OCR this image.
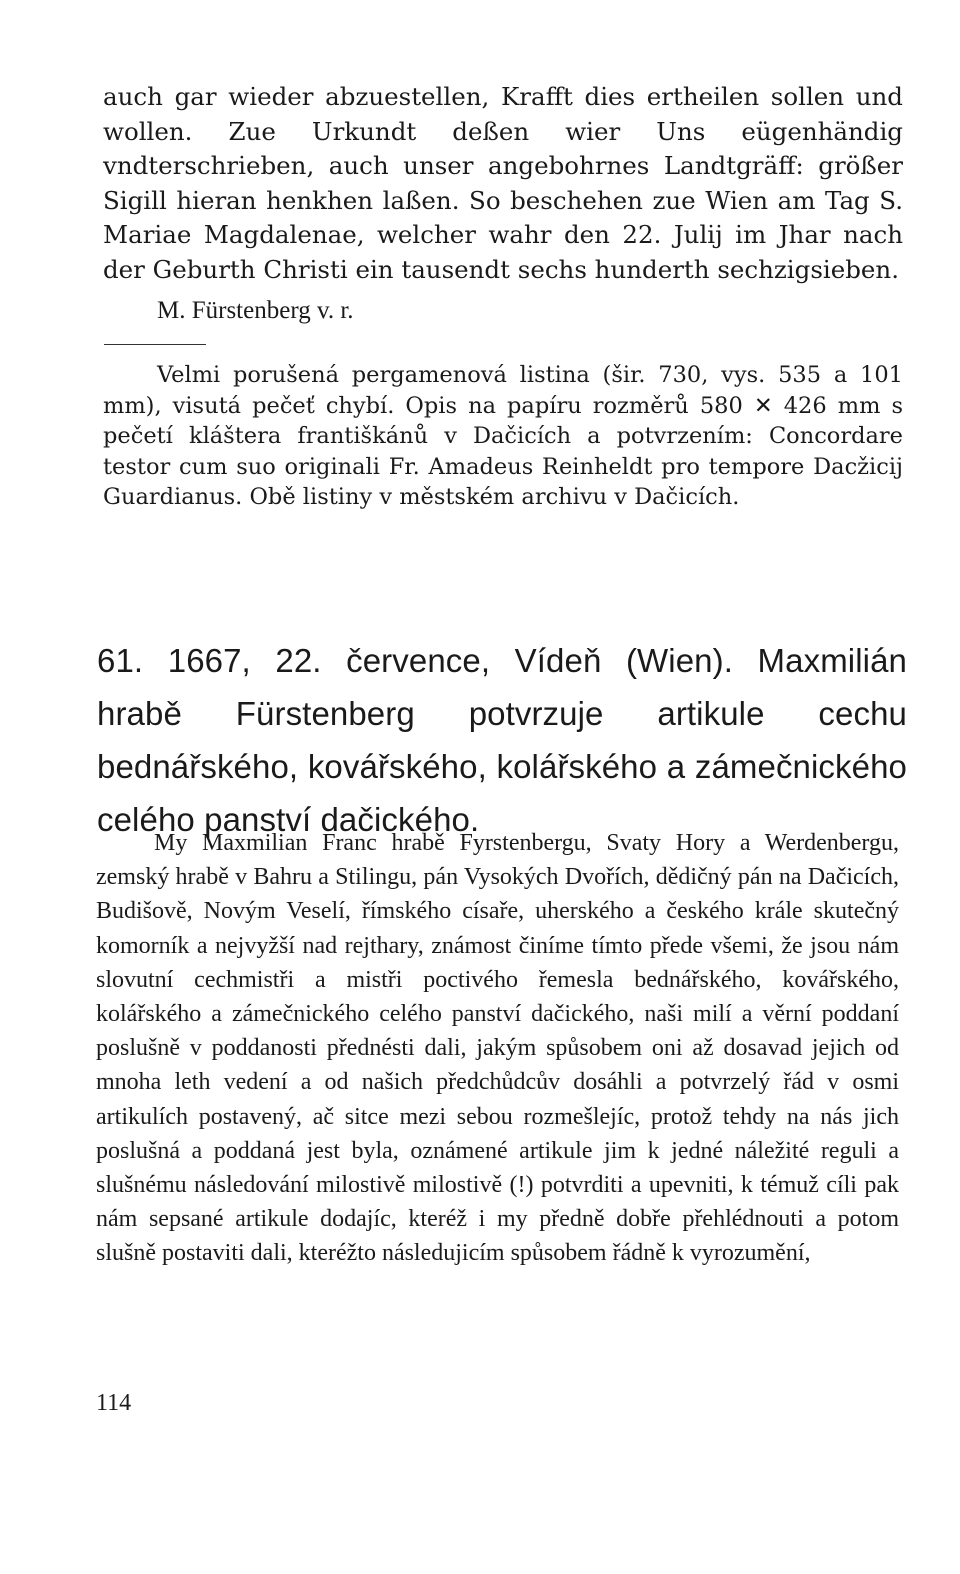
auch gar wieder abzuestellen, Krafft dies ertheilen sollen und wollen. Zue Urkundt deßen wier Uns eügenhändig vndterschrieben, auch unser angebohrnes Landtgräff: größer Sigill hieran henkhen laßen. So beschehen zue Wien am Tag S. Mariae Magdalenae, welcher wahr den 22. Julij im Jhar nach der Geburth Christi ein tausendt sechs hunderth sechzigsieben.
M. Fürstenberg v. r.
Velmi porušená pergamenová listina (šir. 730, vys. 535 a 101 mm), visutá pečeť chybí. Opis na papíru rozměrů 580 ✕ 426 mm s pečetí kláštera františkánů v Dačicích a potvrzením: Concordare testor cum suo originali Fr. Amadeus Reinheldt pro tempore Dacžicij Guardianus. Obě listiny v městském archivu v Dačicích.
61. 1667, 22. července, Vídeň (Wien). Maxmilián hrabě Fürstenberg potvrzuje artikule cechu bednářského, kovářského, kolářského a zámečnického celého panství dačického.
My Maxmilian Franc hrabě Fyrstenbergu, Svaty Hory a Werdenbergu, zemský hrabě v Bahru a Stilingu, pán Vysokých Dvořích, dědičný pán na Dačicích, Budišově, Novým Veselí, římského císaře, uherského a českého krále skutečný komorník a nejvyžší nad rejthary, známost činíme tímto přede všemi, že jsou nám slovutní cechmistři a mistři poctivého řemesla bednářského, kovářského, kolářského a zámečnického celého panství dačického, naši milí a věrní poddaní poslušně v poddanosti přednésti dali, jakým spůsobem oni až dosavad jejich od mnoha leth vedení a od našich předchůdcův dosáhli a potvrzelý řád v osmi artikulích postavený, ač sitce mezi sebou rozmešlejíc, protož tehdy na nás jich poslušná a poddaná jest byla, oznámené artikule jim k jedné náležité reguli a slušnému následování milostivě milostivě (!) potvrditi a upevniti, k témuž cíli pak nám sepsané artikule dodajíc, kteréž i my předně dobře přehlédnouti a potom slušně postaviti dali, kteréžto následujicím spůsobem řádně k vyrozumění,
114
